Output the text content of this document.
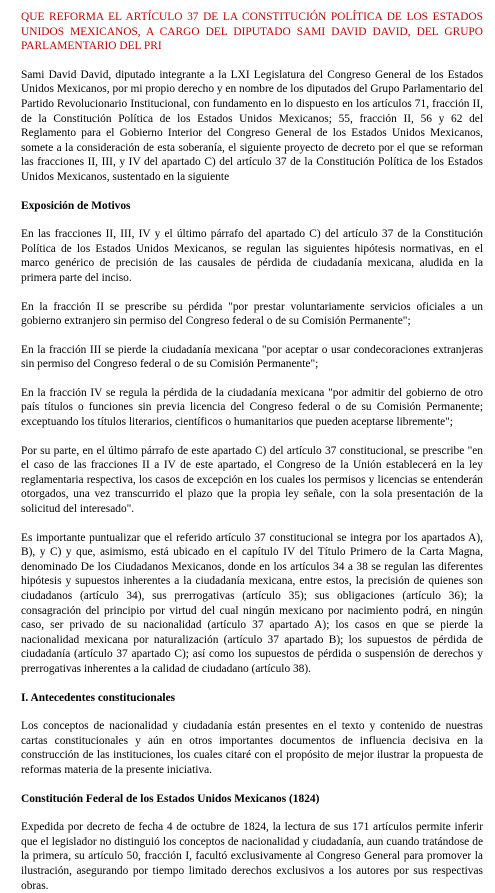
QUE REFORMA EL ARTÍCULO 37 DE LA CONSTITUCIÓN POLÍTICA DE LOS ESTADOS UNIDOS MEXICANOS, A CARGO DEL DIPUTADO SAMI DAVID DAVID, DEL GRUPO PARLAMENTARIO DEL PRI

Sami David David, diputado integrante a la LXI Legislatura del Congreso General de los Estados Unidos Mexicanos, por mi propio derecho y en nombre de los diputados del Grupo Parlamentario del Partido Revolucionario Institucional, con fundamento en lo dispuesto en los artículos 71, fracción II, de la Constitución Política de los Estados Unidos Mexicanos; 55, fracción II, 56 y 62 del Reglamento para el Gobierno Interior del Congreso General de los Estados Unidos Mexicanos, somete a la consideración de esta soberanía, el siguiente proyecto de decreto por el que se reforman las fracciones II, III, y IV del apartado C) del artículo 37 de la Constitución Política de los Estados Unidos Mexicanos, sustentado en la siguiente

Exposición de Motivos

En las fracciones II, III, IV y el último párrafo del apartado C) del artículo 37 de la Constitución Política de los Estados Unidos Mexicanos, se regulan las siguientes hipótesis normativas, en el marco genérico de precisión de las causales de pérdida de ciudadanía mexicana, aludida en la primera parte del inciso.

En la fracción II se prescribe su pérdida "por prestar voluntariamente servicios oficiales a un gobierno extranjero sin permiso del Congreso federal o de su Comisión Permanente";

En la fracción III se pierde la ciudadanía mexicana "por aceptar o usar condecoraciones extranjeras sin permiso del Congreso federal o de su Comisión Permanente";

En la fracción IV se regula la pérdida de la ciudadanía mexicana "por admitir del gobierno de otro país títulos o funciones sin previa licencia del Congreso federal o de su Comisión Permanente; exceptuando los títulos literarios, científicos o humanitarios que pueden aceptarse libremente";

Por su parte, en el último párrafo de este apartado C) del artículo 37 constitucional, se prescribe "en el caso de las fracciones II a IV de este apartado, el Congreso de la Unión establecerá en la ley reglamentaria respectiva, los casos de excepción en los cuales los permisos y licencias se entenderán otorgados, una vez transcurrido el plazo que la propia ley señale, con la sola presentación de la solicitud del interesado".

Es importante puntualizar que el referido artículo 37 constitucional se integra por los apartados A), B), y C) y que, asimismo, está ubicado en el capítulo IV del Título Primero de la Carta Magna, denominado De los Ciudadanos Mexicanos, donde en los artículos 34 a 38 se regulan las diferentes hipótesis y supuestos inherentes a la ciudadanía mexicana, entre estos, la precisión de quienes son ciudadanos (artículo 34), sus prerrogativas (artículo 35); sus obligaciones (artículo 36); la consagración del principio por virtud del cual ningún mexicano por nacimiento podrá, en ningún caso, ser privado de su nacionalidad (artículo 37 apartado A); los casos en que se pierde la nacionalidad mexicana por naturalización (artículo 37 apartado B); los supuestos de pérdida de ciudadanía (artículo 37 apartado C); así como los supuestos de pérdida o suspensión de derechos y prerrogativas inherentes a la calidad de ciudadano (artículo 38).

I. Antecedentes constitucionales

Los conceptos de nacionalidad y ciudadanía están presentes en el texto y contenido de nuestras cartas constitucionales y aún en otros importantes documentos de influencia decisiva en la construcción de las instituciones, los cuales citaré con el propósito de mejor ilustrar la propuesta de reformas materia de la presente iniciativa.

Constitución Federal de los Estados Unidos Mexicanos (1824)

Expedida por decreto de fecha 4 de octubre de 1824, la lectura de sus 171 artículos permite inferir que el legislador no distinguió los conceptos de nacionalidad y ciudadanía, aun cuando tratándose de la primera, su artículo 50, fracción I, facultó exclusivamente al Congreso General para promover la ilustración, asegurando por tiempo limitado derechos exclusivos a los autores por sus respectivas obras.
